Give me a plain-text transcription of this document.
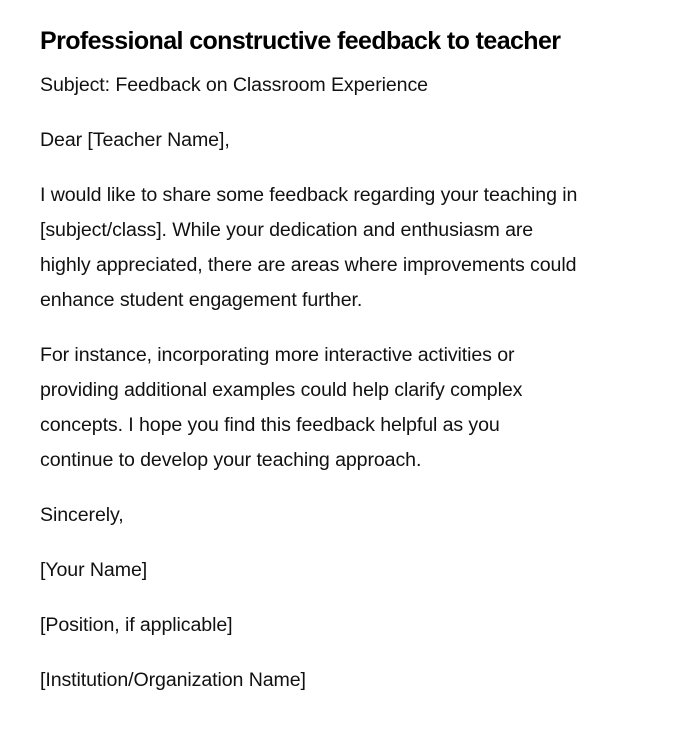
Professional constructive feedback to teacher

Subject: Feedback on Classroom Experience

Dear [Teacher Name],

I would like to share some feedback regarding your teaching in
[subject/class]. While your dedication and enthusiasm are
highly appreciated, there are areas where improvements could
enhance student engagement further.
For instance, incorporating more interactive activities or
providing additional examples could help clarify complex
concepts. I hope you find this feedback helpful as you
continue to develop your teaching approach.

Sincerely,

[Your Name]

[Position, if applicable]

[Institution/Organization Name]
